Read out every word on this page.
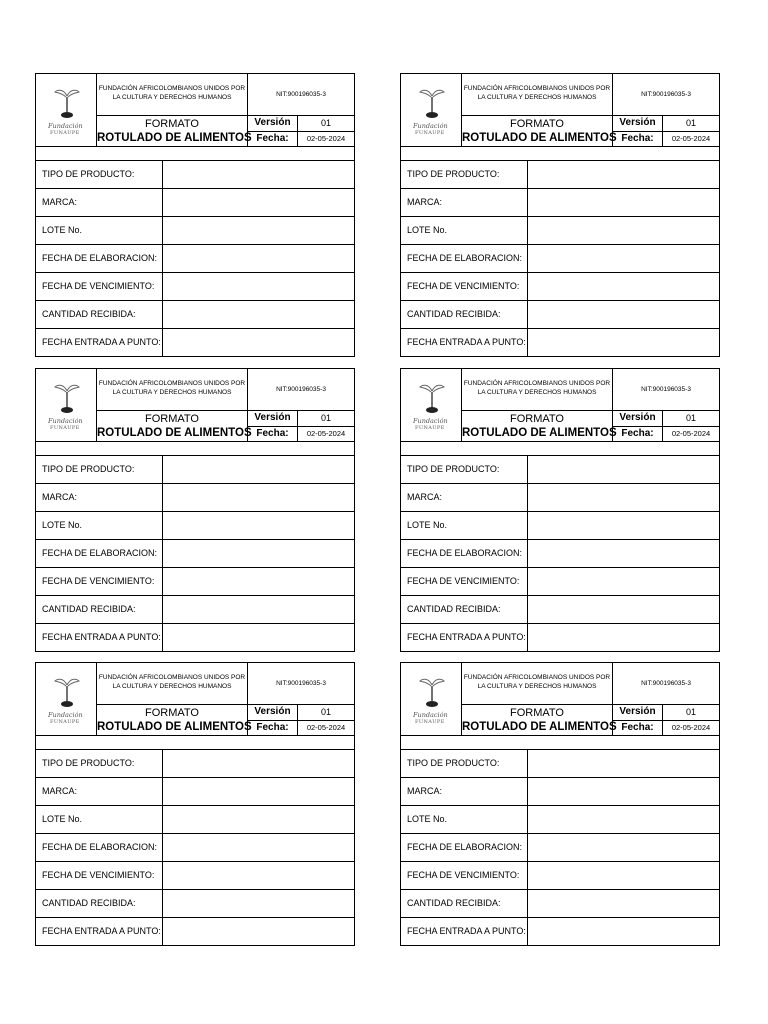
Fundación
FUNAUPE
FUNDACIÓN AFRICOLOMBIANOS UNIDOS POR LA CULTURA Y DERECHOS HUMANOS	NIT:900196035-3
FORMATO
ROTULADO DE ALIMENTOS
Versión	01
Fecha:	02-05-2024
TIPO DE PRODUCTO:
MARCA:
LOTE No.
FECHA DE ELABORACION:
FECHA DE VENCIMIENTO:
CANTIDAD RECIBIDA:
FECHA ENTRADA A PUNTO:
Fundación
FUNAUPE
FUNDACIÓN AFRICOLOMBIANOS UNIDOS POR LA CULTURA Y DERECHOS HUMANOS	NIT:900196035-3
FORMATO
ROTULADO DE ALIMENTOS
Versión	01
Fecha:	02-05-2024
TIPO DE PRODUCTO:
MARCA:
LOTE No.
FECHA DE ELABORACION:
FECHA DE VENCIMIENTO:
CANTIDAD RECIBIDA:
FECHA ENTRADA A PUNTO:
Fundación
FUNAUPE
FUNDACIÓN AFRICOLOMBIANOS UNIDOS POR LA CULTURA Y DERECHOS HUMANOS	NIT:900196035-3
FORMATO
ROTULADO DE ALIMENTOS
Versión	01
Fecha:	02-05-2024
TIPO DE PRODUCTO:
MARCA:
LOTE No.
FECHA DE ELABORACION:
FECHA DE VENCIMIENTO:
CANTIDAD RECIBIDA:
FECHA ENTRADA A PUNTO:
Fundación
FUNAUPE
FUNDACIÓN AFRICOLOMBIANOS UNIDOS POR LA CULTURA Y DERECHOS HUMANOS	NIT:900196035-3
FORMATO
ROTULADO DE ALIMENTOS
Versión	01
Fecha:	02-05-2024
TIPO DE PRODUCTO:
MARCA:
LOTE No.
FECHA DE ELABORACION:
FECHA DE VENCIMIENTO:
CANTIDAD RECIBIDA:
FECHA ENTRADA A PUNTO:
Fundación
FUNAUPE
FUNDACIÓN AFRICOLOMBIANOS UNIDOS POR LA CULTURA Y DERECHOS HUMANOS	NIT:900196035-3
FORMATO
ROTULADO DE ALIMENTOS
Versión	01
Fecha:	02-05-2024
TIPO DE PRODUCTO:
MARCA:
LOTE No.
FECHA DE ELABORACION:
FECHA DE VENCIMIENTO:
CANTIDAD RECIBIDA:
FECHA ENTRADA A PUNTO:
Fundación
FUNAUPE
FUNDACIÓN AFRICOLOMBIANOS UNIDOS POR LA CULTURA Y DERECHOS HUMANOS	NIT:900196035-3
FORMATO
ROTULADO DE ALIMENTOS
Versión	01
Fecha:	02-05-2024
TIPO DE PRODUCTO:
MARCA:
LOTE No.
FECHA DE ELABORACION:
FECHA DE VENCIMIENTO:
CANTIDAD RECIBIDA:
FECHA ENTRADA A PUNTO:
